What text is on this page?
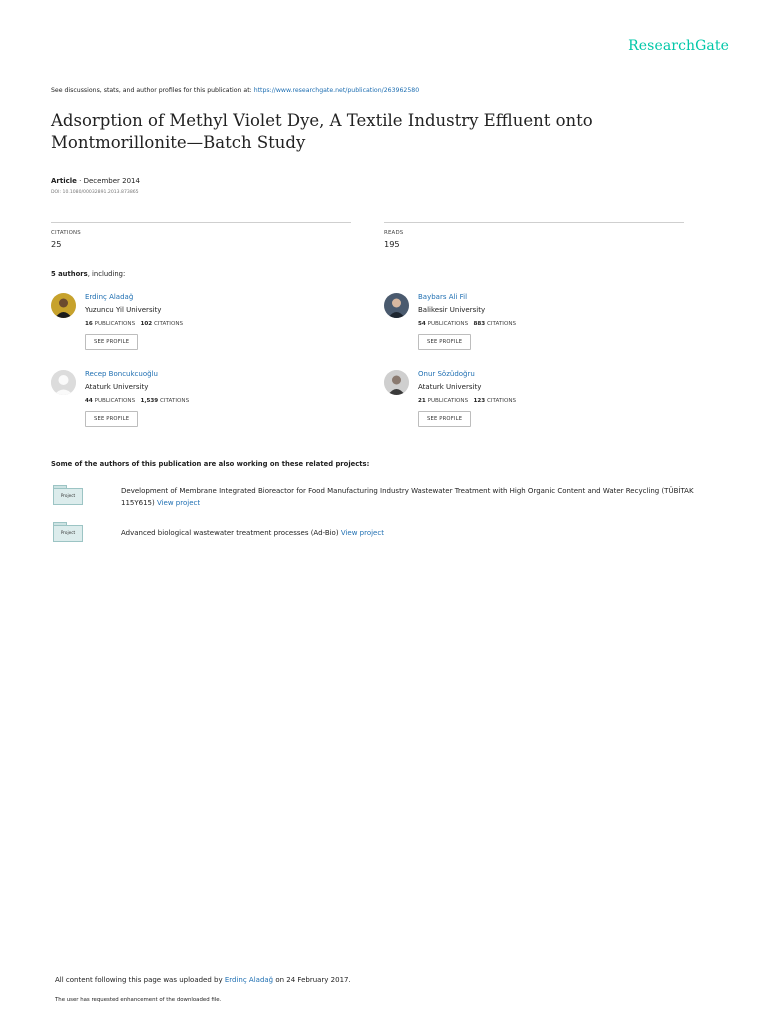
ResearchGate
See discussions, stats, and author profiles for this publication at: https://www.researchgate.net/publication/263962580
Adsorption of Methyl Violet Dye, A Textile Industry Effluent onto Montmorillonite—Batch Study
Article · December 2014
DOI: 10.1080/00032891.2013.873865
CITATIONS
25
READS
195
5 authors, including:
Erdinç Aladağ
Yuzuncu Yil University
16 PUBLICATIONS 102 CITATIONS
SEE PROFILE
Baybars Ali Fil
Balikesir University
54 PUBLICATIONS 883 CITATIONS
SEE PROFILE
Recep Boncukcuoğlu
Ataturk University
44 PUBLICATIONS 1,539 CITATIONS
SEE PROFILE
Onur Sözüdoğru
Ataturk University
21 PUBLICATIONS 123 CITATIONS
SEE PROFILE
Some of the authors of this publication are also working on these related projects:
Project
Development of Membrane Integrated Bioreactor for Food Manufacturing Industry Wastewater Treatment with High Organic Content and Water Recycling (TÜBİTAK 115Y615) View project
Project	Advanced biological wastewater treatment processes (Ad-Bio) View project
All content following this page was uploaded by Erdinç Aladağ on 24 February 2017.
The user has requested enhancement of the downloaded file.
